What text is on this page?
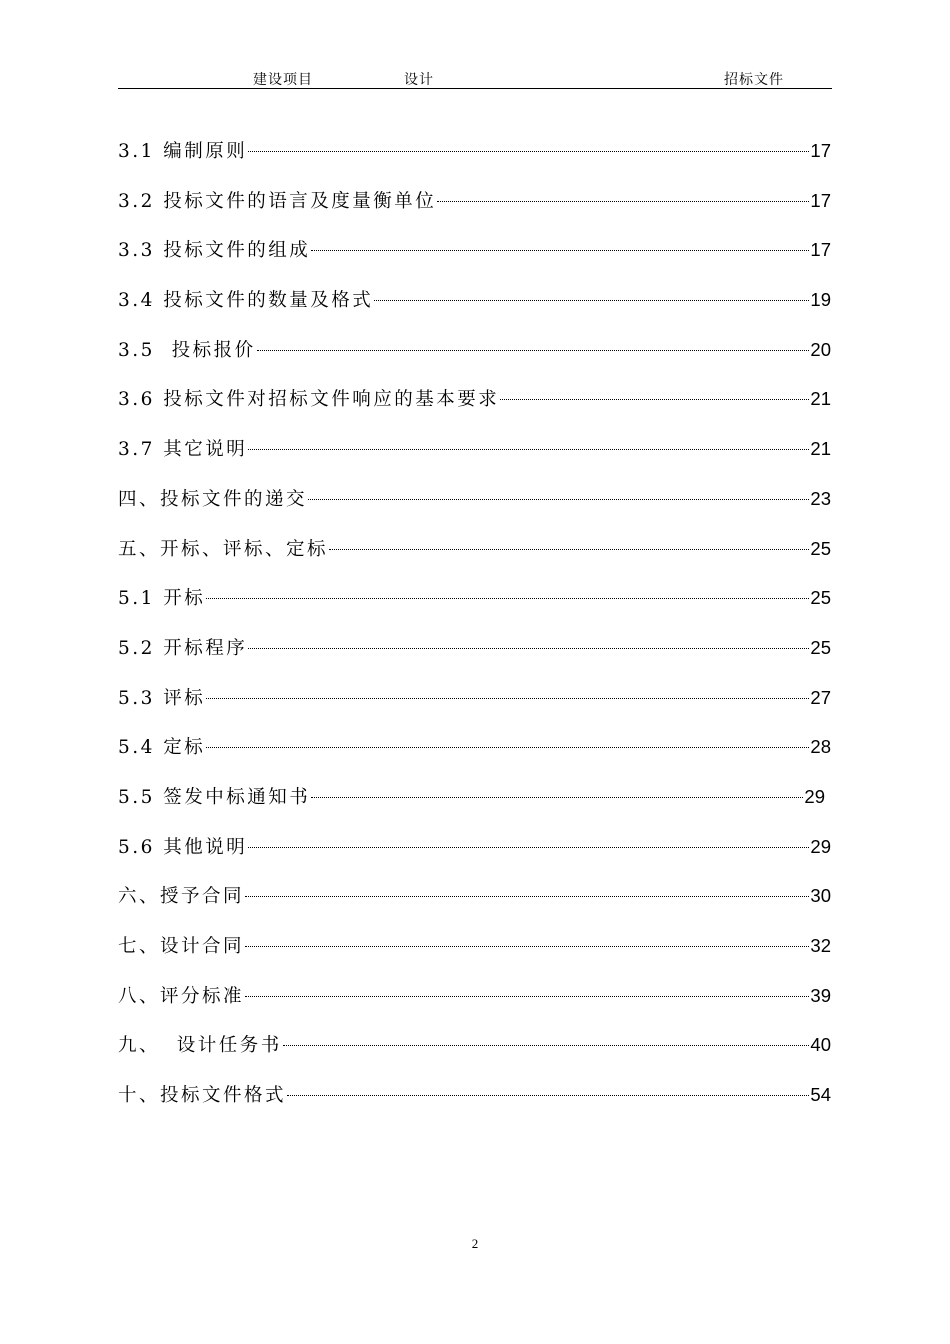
建设项目	设计	招标文件
3.1 编制原则	17
3.2 投标文件的语言及度量衡单位	17
3.3 投标文件的组成	17
3.4 投标文件的数量及格式	19
3.5  投标报价	20
3.6 投标文件对招标文件响应的基本要求	21
3.7 其它说明	21
四、投标文件的递交	23
五、开标、评标、定标	25
5.1 开标	25
5.2 开标程序	25
5.3 评标	27
5.4 定标	28
5.5 签发中标通知书	29
5.6 其他说明	29
六、授予合同	30
七、设计合同	32
八、评分标准	39
九、  设计任务书	40
十、投标文件格式	54
2
